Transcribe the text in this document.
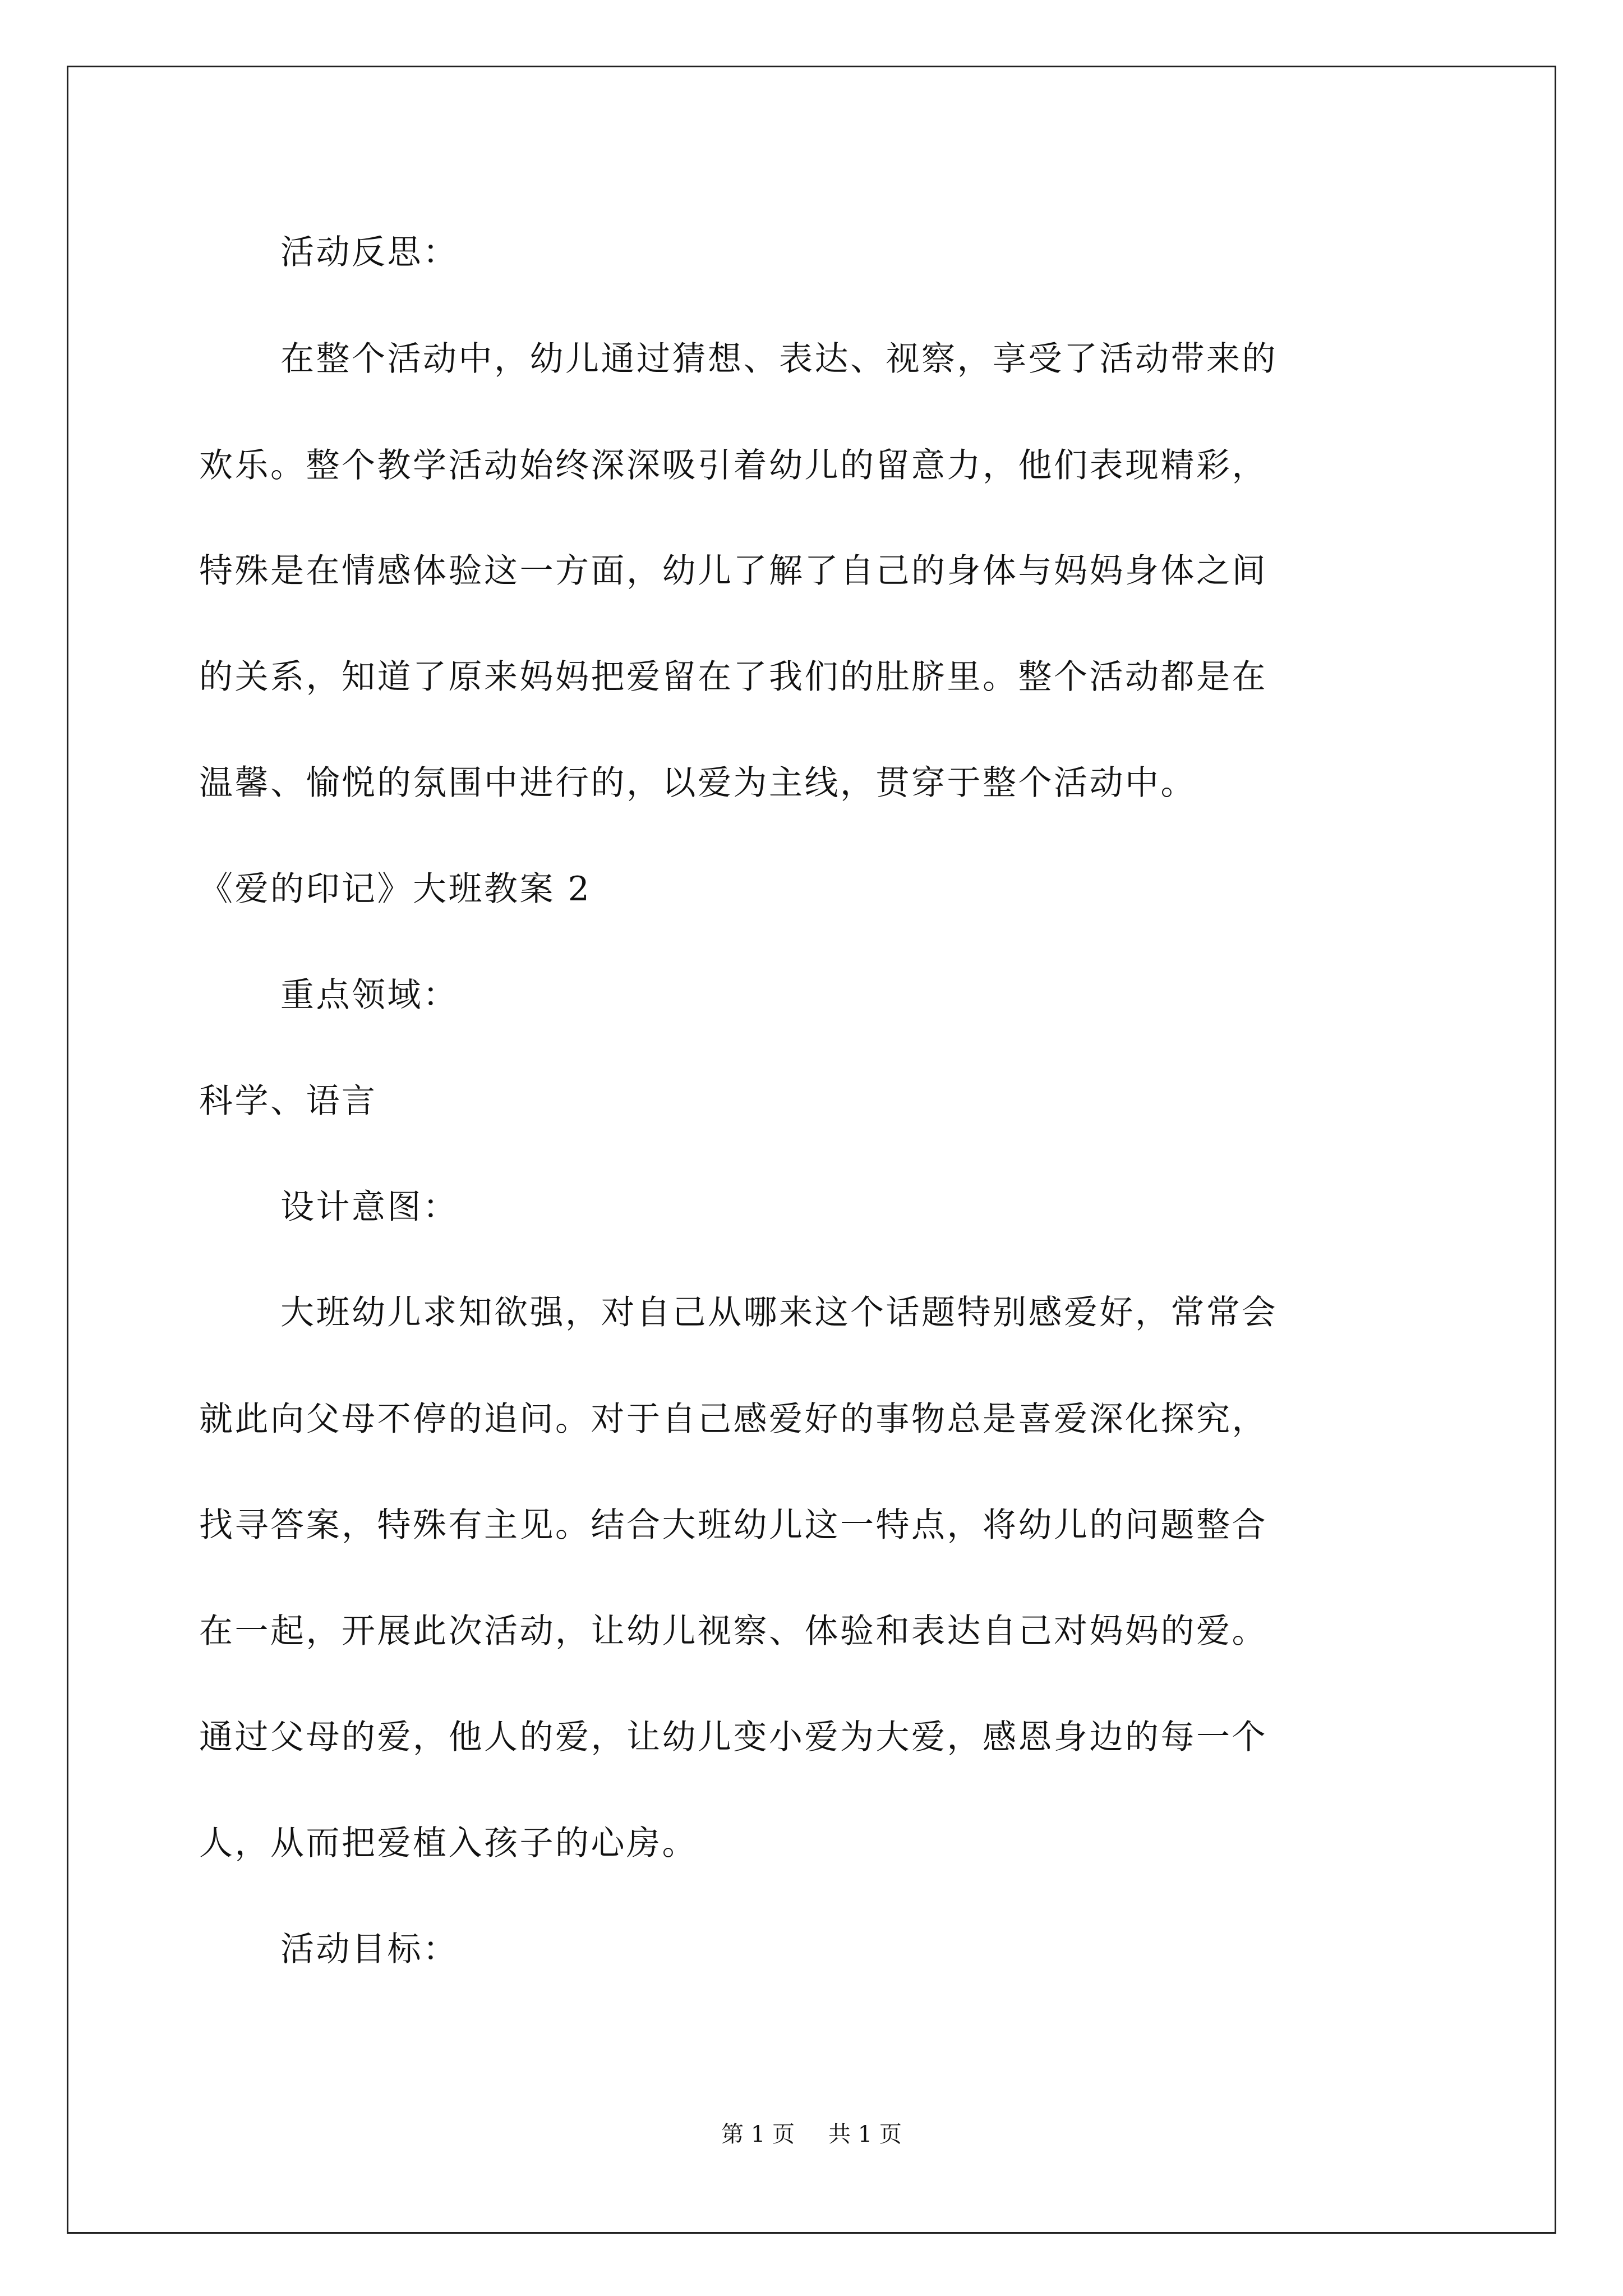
活动反思：
在整个活动中，幼儿通过猜想、表达、视察，享受了活动带来的
欢乐。整个教学活动始终深深吸引着幼儿的留意力，他们表现精彩，
特殊是在情感体验这一方面，幼儿了解了自己的身体与妈妈身体之间
的关系，知道了原来妈妈把爱留在了我们的肚脐里。整个活动都是在
温馨、愉悦的氛围中进行的，以爱为主线，贯穿于整个活动中。
《爱的印记》大班教案 2
重点领域：
科学、语言
设计意图：
大班幼儿求知欲强，对自己从哪来这个话题特别感爱好，常常会
就此向父母不停的追问。对于自己感爱好的事物总是喜爱深化探究，
找寻答案，特殊有主见。结合大班幼儿这一特点，将幼儿的问题整合
在一起，开展此次活动，让幼儿视察、体验和表达自己对妈妈的爱。
通过父母的爱，他人的爱，让幼儿变小爱为大爱，感恩身边的每一个
人，从而把爱植入孩子的心房。
活动目标：
第 1 页 共 1 页
